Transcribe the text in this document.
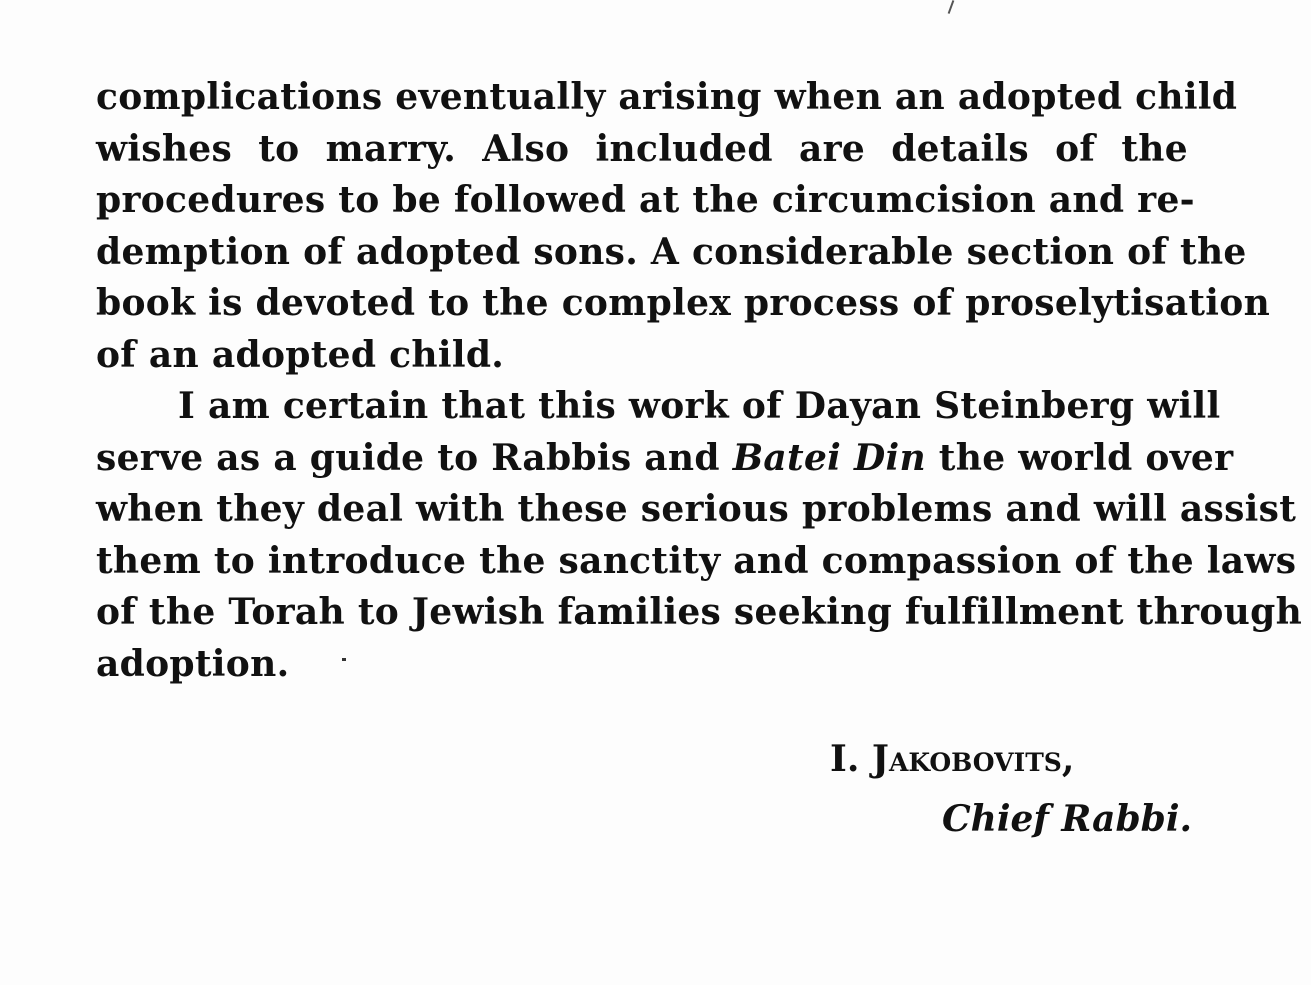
complications eventually arising when an adopted child
wishes to marry. Also included are details of the
procedures to be followed at the circumcision and re-
demption of adopted sons. A considerable section of the
book is devoted to the complex process of proselytisation
of an adopted child.
I am certain that this work of Dayan Steinberg will
serve as a guide to Rabbis and Batei Din the world over
when they deal with these serious problems and will assist
them to introduce the sanctity and compassion of the laws
of the Torah to Jewish families seeking fulfillment through
adoption.
I. Jakobovits,
Chief Rabbi.
